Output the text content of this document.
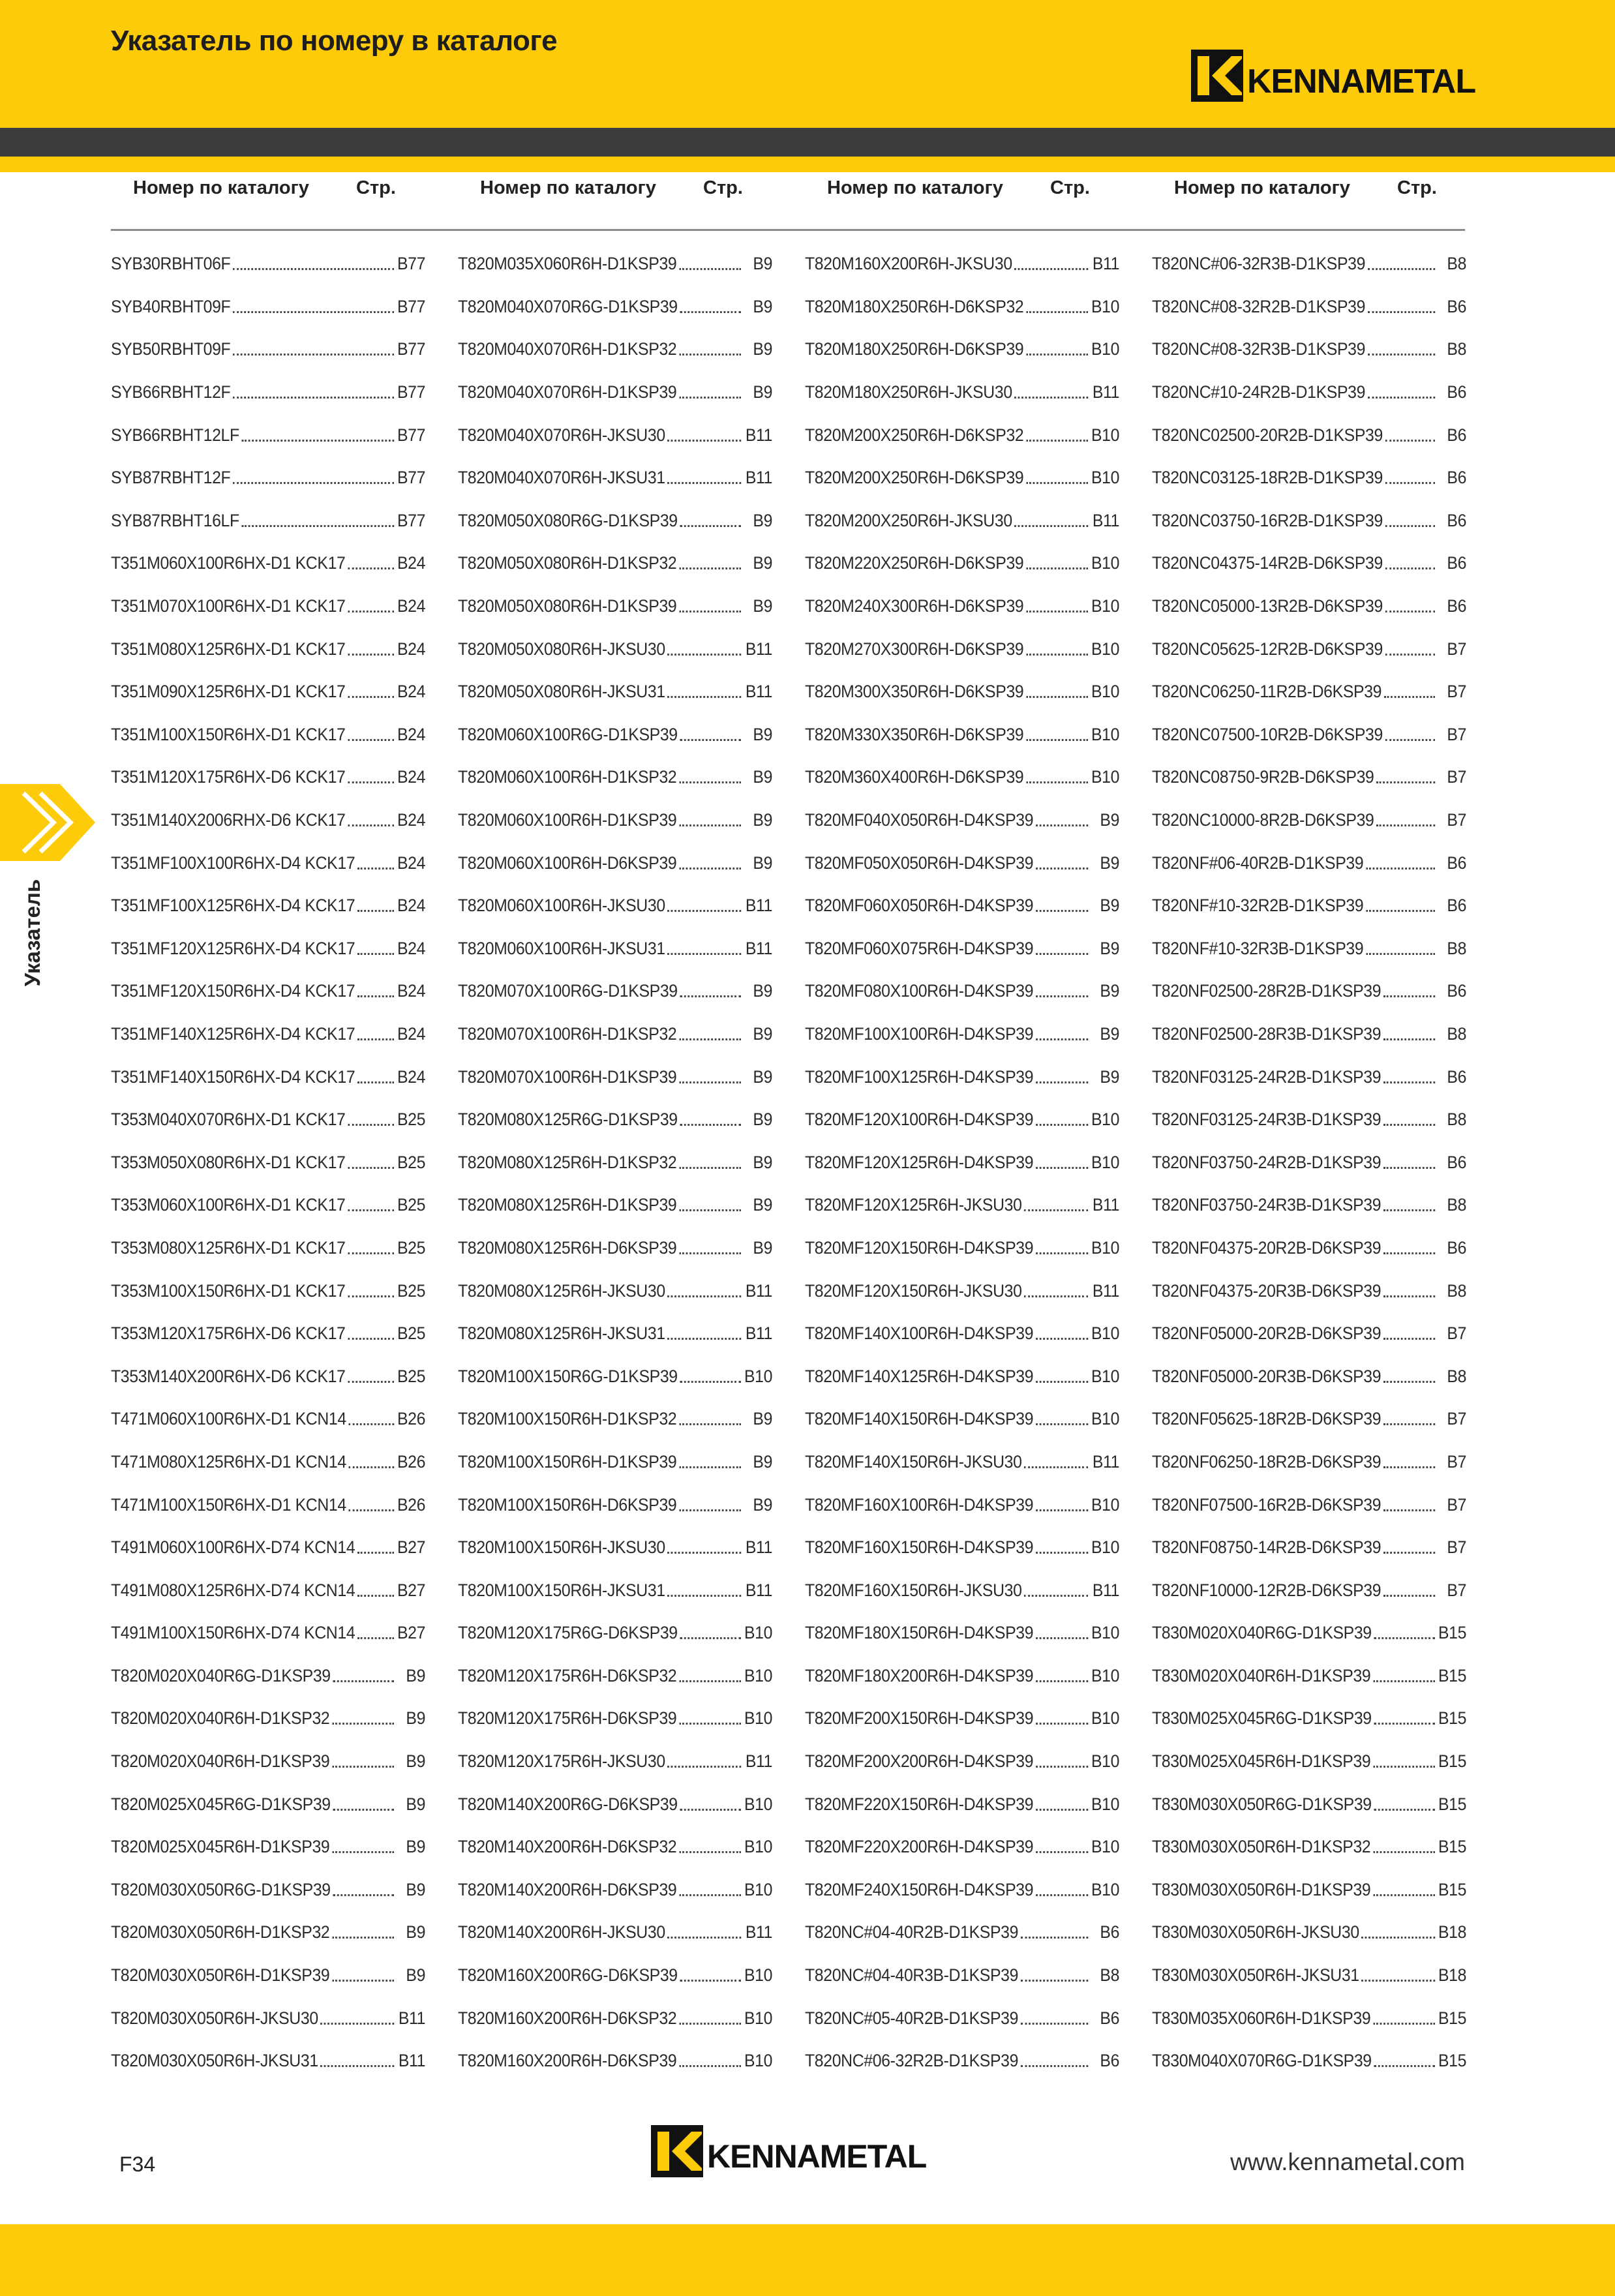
Указатель по номеру в каталоге
KENNAMETAL
Номер по каталогу Стр.	Номер по каталогу Стр.	Номер по каталогу Стр.	Номер по каталогу Стр.
SYB30RBHT06F	B77
SYB40RBHT09F	B77
SYB50RBHT09F	B77
SYB66RBHT12F	B77
SYB66RBHT12LF	B77
SYB87RBHT12F	B77
SYB87RBHT16LF	B77
T351M060X100R6HX-D1 KCK17	B24
T351M070X100R6HX-D1 KCK17	B24
T351M080X125R6HX-D1 KCK17	B24
T351M090X125R6HX-D1 KCK17	B24
T351M100X150R6HX-D1 KCK17	B24
T351M120X175R6HX-D6 KCK17	B24
T351M140X2006RHX-D6 KCK17	B24
T351MF100X100R6HX-D4 KCK17 B24
T351MF100X125R6HX-D4 KCK17 B24
T351MF120X125R6HX-D4 KCK17 B24
T351MF120X150R6HX-D4 KCK17 B24
T351MF140X125R6HX-D4 KCK17 B24
T351MF140X150R6HX-D4 KCK17 B24
T353M040X070R6HX-D1 KCK17	B25
T353M050X080R6HX-D1 KCK17	B25
T353M060X100R6HX-D1 KCK17	B25
T353M080X125R6HX-D1 KCK17	B25
T353M100X150R6HX-D1 KCK17	B25
T353M120X175R6HX-D6 KCK17	B25
T353M140X200R6HX-D6 KCK17	B25
T471M060X100R6HX-D1 KCN14	B26
T471M080X125R6HX-D1 KCN14	B26
T471M100X150R6HX-D1 KCN14	B26
T491M060X100R6HX-D74 KCN14 B27
T491M080X125R6HX-D74 KCN14 B27
T491M100X150R6HX-D74 KCN14 B27
T820M020X040R6G-D1KSP39	B9
T820M020X040R6H-D1KSP32	B9
T820M020X040R6H-D1KSP39	B9
T820M025X045R6G-D1KSP39	B9
T820M025X045R6H-D1KSP39	B9
T820M030X050R6G-D1KSP39	B9
T820M030X050R6H-D1KSP32	B9
T820M030X050R6H-D1KSP39	B9
T820M030X050R6H-JKSU30	B11
T820M030X050R6H-JKSU31	B11
T820M035X060R6H-D1KSP39	B9
T820M040X070R6G-D1KSP39	B9
T820M040X070R6H-D1KSP32	B9
T820M040X070R6H-D1KSP39	B9
T820M040X070R6H-JKSU30	B11
T820M040X070R6H-JKSU31	B11
T820M050X080R6G-D1KSP39	B9
T820M050X080R6H-D1KSP32	B9
T820M050X080R6H-D1KSP39	B9
T820M050X080R6H-JKSU30	B11
T820M050X080R6H-JKSU31	B11
T820M060X100R6G-D1KSP39	B9
T820M060X100R6H-D1KSP32	B9
T820M060X100R6H-D1KSP39	B9
T820M060X100R6H-D6KSP39	B9
T820M060X100R6H-JKSU30	B11
T820M060X100R6H-JKSU31	B11
T820M070X100R6G-D1KSP39	B9
T820M070X100R6H-D1KSP32	B9
T820M070X100R6H-D1KSP39	B9
T820M080X125R6G-D1KSP39	B9
T820M080X125R6H-D1KSP32	B9
T820M080X125R6H-D1KSP39	B9
T820M080X125R6H-D6KSP39	B9
T820M080X125R6H-JKSU30	B11
T820M080X125R6H-JKSU31	B11
T820M100X150R6G-D1KSP39	B10
T820M100X150R6H-D1KSP32	B9
T820M100X150R6H-D1KSP39	B9
T820M100X150R6H-D6KSP39	B9
T820M100X150R6H-JKSU30	B11
T820M100X150R6H-JKSU31	B11
T820M120X175R6G-D6KSP39	B10
T820M120X175R6H-D6KSP32	B10
T820M120X175R6H-D6KSP39	B10
T820M120X175R6H-JKSU30	B11
T820M140X200R6G-D6KSP39	B10
T820M140X200R6H-D6KSP32	B10
T820M140X200R6H-D6KSP39	B10
T820M140X200R6H-JKSU30	B11
T820M160X200R6G-D6KSP39	B10
T820M160X200R6H-D6KSP32	B10
T820M160X200R6H-D6KSP39	B10
T820M160X200R6H-JKSU30	B11
T820M180X250R6H-D6KSP32	B10
T820M180X250R6H-D6KSP39	B10
T820M180X250R6H-JKSU30	B11
T820M200X250R6H-D6KSP32	B10
T820M200X250R6H-D6KSP39	B10
T820M200X250R6H-JKSU30	B11
T820M220X250R6H-D6KSP39	B10
T820M240X300R6H-D6KSP39	B10
T820M270X300R6H-D6KSP39	B10
T820M300X350R6H-D6KSP39	B10
T820M330X350R6H-D6KSP39	B10
T820M360X400R6H-D6KSP39	B10
T820MF040X050R6H-D4KSP39	B9
T820MF050X050R6H-D4KSP39	B9
T820MF060X050R6H-D4KSP39	B9
T820MF060X075R6H-D4KSP39	B9
T820MF080X100R6H-D4KSP39	B9
T820MF100X100R6H-D4KSP39	B9
T820MF100X125R6H-D4KSP39	B9
T820MF120X100R6H-D4KSP39	B10
T820MF120X125R6H-D4KSP39	B10
T820MF120X125R6H-JKSU30	B11
T820MF120X150R6H-D4KSP39	B10
T820MF120X150R6H-JKSU30	B11
T820MF140X100R6H-D4KSP39	B10
T820MF140X125R6H-D4KSP39	B10
T820MF140X150R6H-D4KSP39	B10
T820MF140X150R6H-JKSU30	B11
T820MF160X100R6H-D4KSP39	B10
T820MF160X150R6H-D4KSP39	B10
T820MF160X150R6H-JKSU30	B11
T820MF180X150R6H-D4KSP39	B10
T820MF180X200R6H-D4KSP39	B10
T820MF200X150R6H-D4KSP39	B10
T820MF200X200R6H-D4KSP39	B10
T820MF220X150R6H-D4KSP39	B10
T820MF220X200R6H-D4KSP39	B10
T820MF240X150R6H-D4KSP39	B10
T820NC#04-40R2B-D1KSP39	B6
T820NC#04-40R3B-D1KSP39	B8
T820NC#05-40R2B-D1KSP39	B6
T820NC#06-32R2B-D1KSP39	B6
T820NC#06-32R3B-D1KSP39	B8
T820NC#08-32R2B-D1KSP39	B6
T820NC#08-32R3B-D1KSP39	B8
T820NC#10-24R2B-D1KSP39	B6
T820NC02500-20R2B-D1KSP39	B6
T820NC03125-18R2B-D1KSP39	B6
T820NC03750-16R2B-D1KSP39	B6
T820NC04375-14R2B-D6KSP39	B6
T820NC05000-13R2B-D6KSP39	B6
T820NC05625-12R2B-D6KSP39	B7
T820NC06250-11R2B-D6KSP39	B7
T820NC07500-10R2B-D6KSP39	B7
T820NC08750-9R2B-D6KSP39	B7
T820NC10000-8R2B-D6KSP39	B7
T820NF#06-40R2B-D1KSP39	B6
T820NF#10-32R2B-D1KSP39	B6
T820NF#10-32R3B-D1KSP39	B8
T820NF02500-28R2B-D1KSP39	B6
T820NF02500-28R3B-D1KSP39	B8
T820NF03125-24R2B-D1KSP39	B6
T820NF03125-24R3B-D1KSP39	B8
T820NF03750-24R2B-D1KSP39	B6
T820NF03750-24R3B-D1KSP39	B8
T820NF04375-20R2B-D6KSP39	B6
T820NF04375-20R3B-D6KSP39	B8
T820NF05000-20R2B-D6KSP39	B7
T820NF05000-20R3B-D6KSP39	B8
T820NF05625-18R2B-D6KSP39	B7
T820NF06250-18R2B-D6KSP39	B7
T820NF07500-16R2B-D6KSP39	B7
T820NF08750-14R2B-D6KSP39	B7
T820NF10000-12R2B-D6KSP39	B7
T830M020X040R6G-D1KSP39	B15
T830M020X040R6H-D1KSP39	B15
T830M025X045R6G-D1KSP39	B15
T830M025X045R6H-D1KSP39	B15
T830M030X050R6G-D1KSP39	B15
T830M030X050R6H-D1KSP32	B15
T830M030X050R6H-D1KSP39	B15
T830M030X050R6H-JKSU30	B18
T830M030X050R6H-JKSU31	B18
T830M035X060R6H-D1KSP39	B15
T830M040X070R6G-D1KSP39	B15
Указатель
F34	KENNAMETAL	www.kennametal.com
